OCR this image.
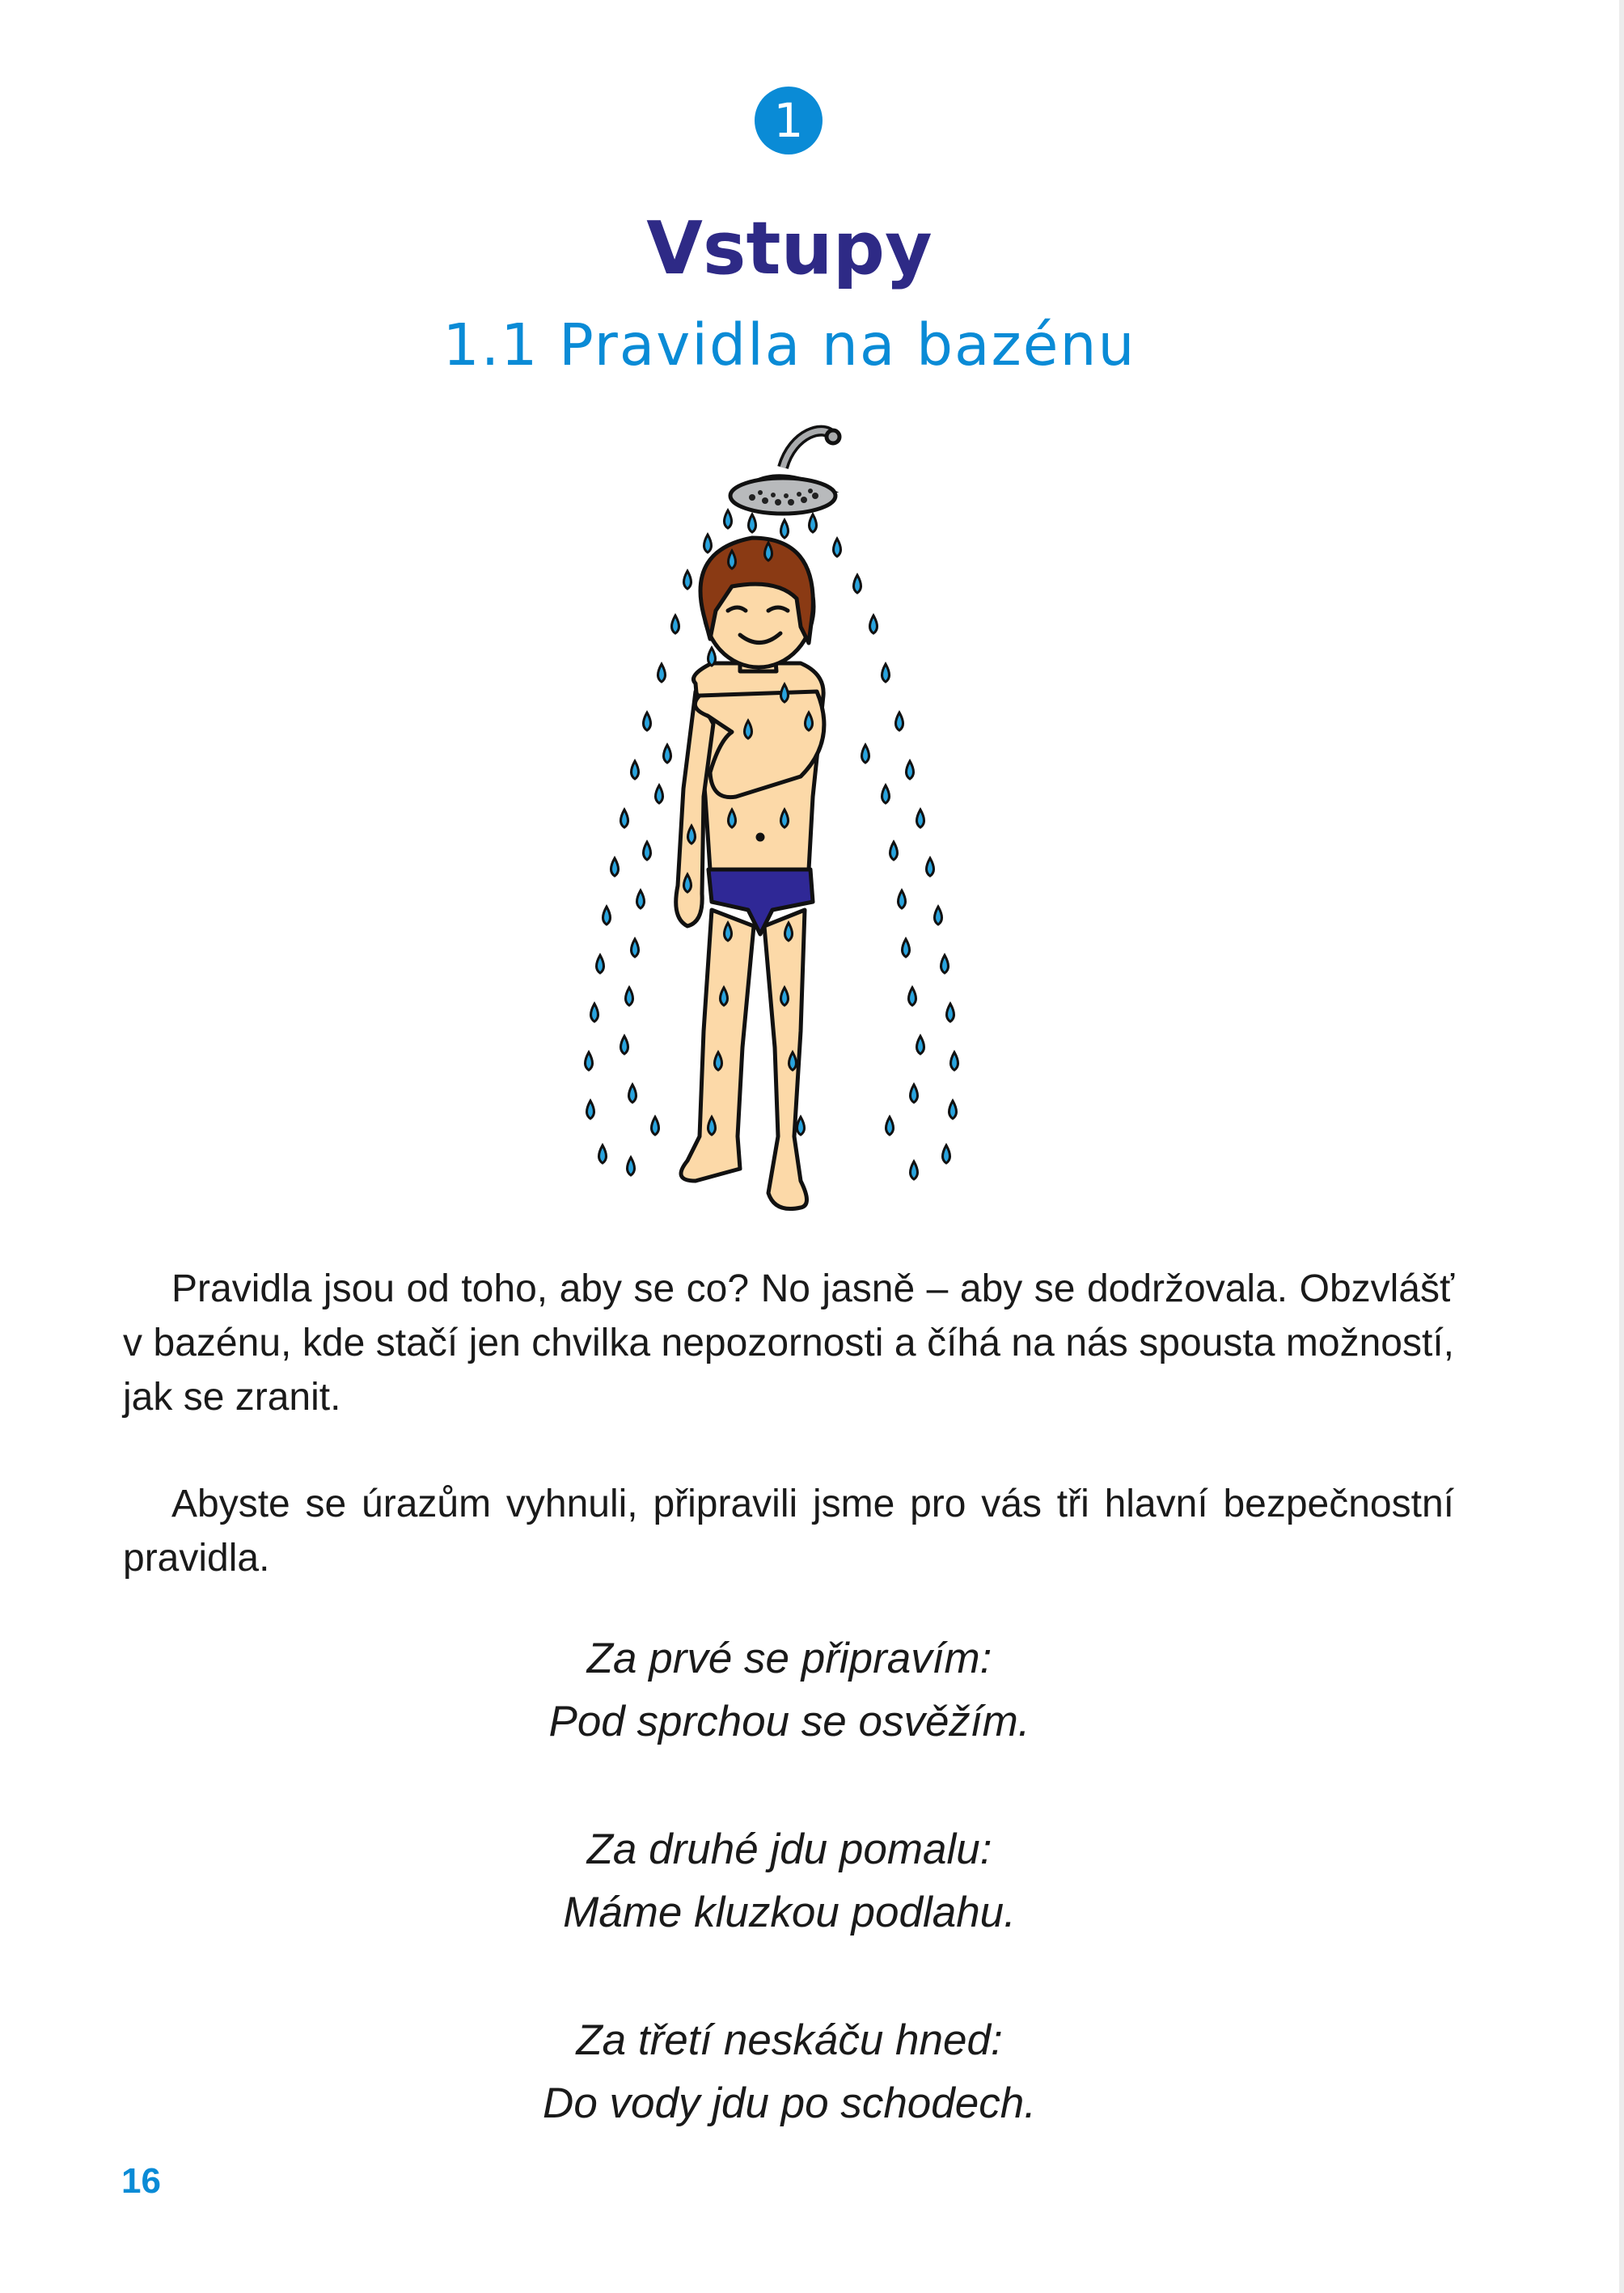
1
Vstupy
1.1 Pravidla na bazénu

Pravidla jsou od toho, aby se co? No jasně – aby se dodržovala. Obzvlášť v bazénu, kde stačí jen chvilka nepozornosti a číhá na nás spousta možností, jak se zranit.

Abyste se úrazům vyhnuli, připravili jsme pro vás tři hlavní bezpečnostní pravidla.

Za prvé se připravím:
Pod sprchou se osvěžím.
Za druhé jdu pomalu:
Máme kluzkou podlahu.
Za třetí neskáču hned:
Do vody jdu po schodech.
16
